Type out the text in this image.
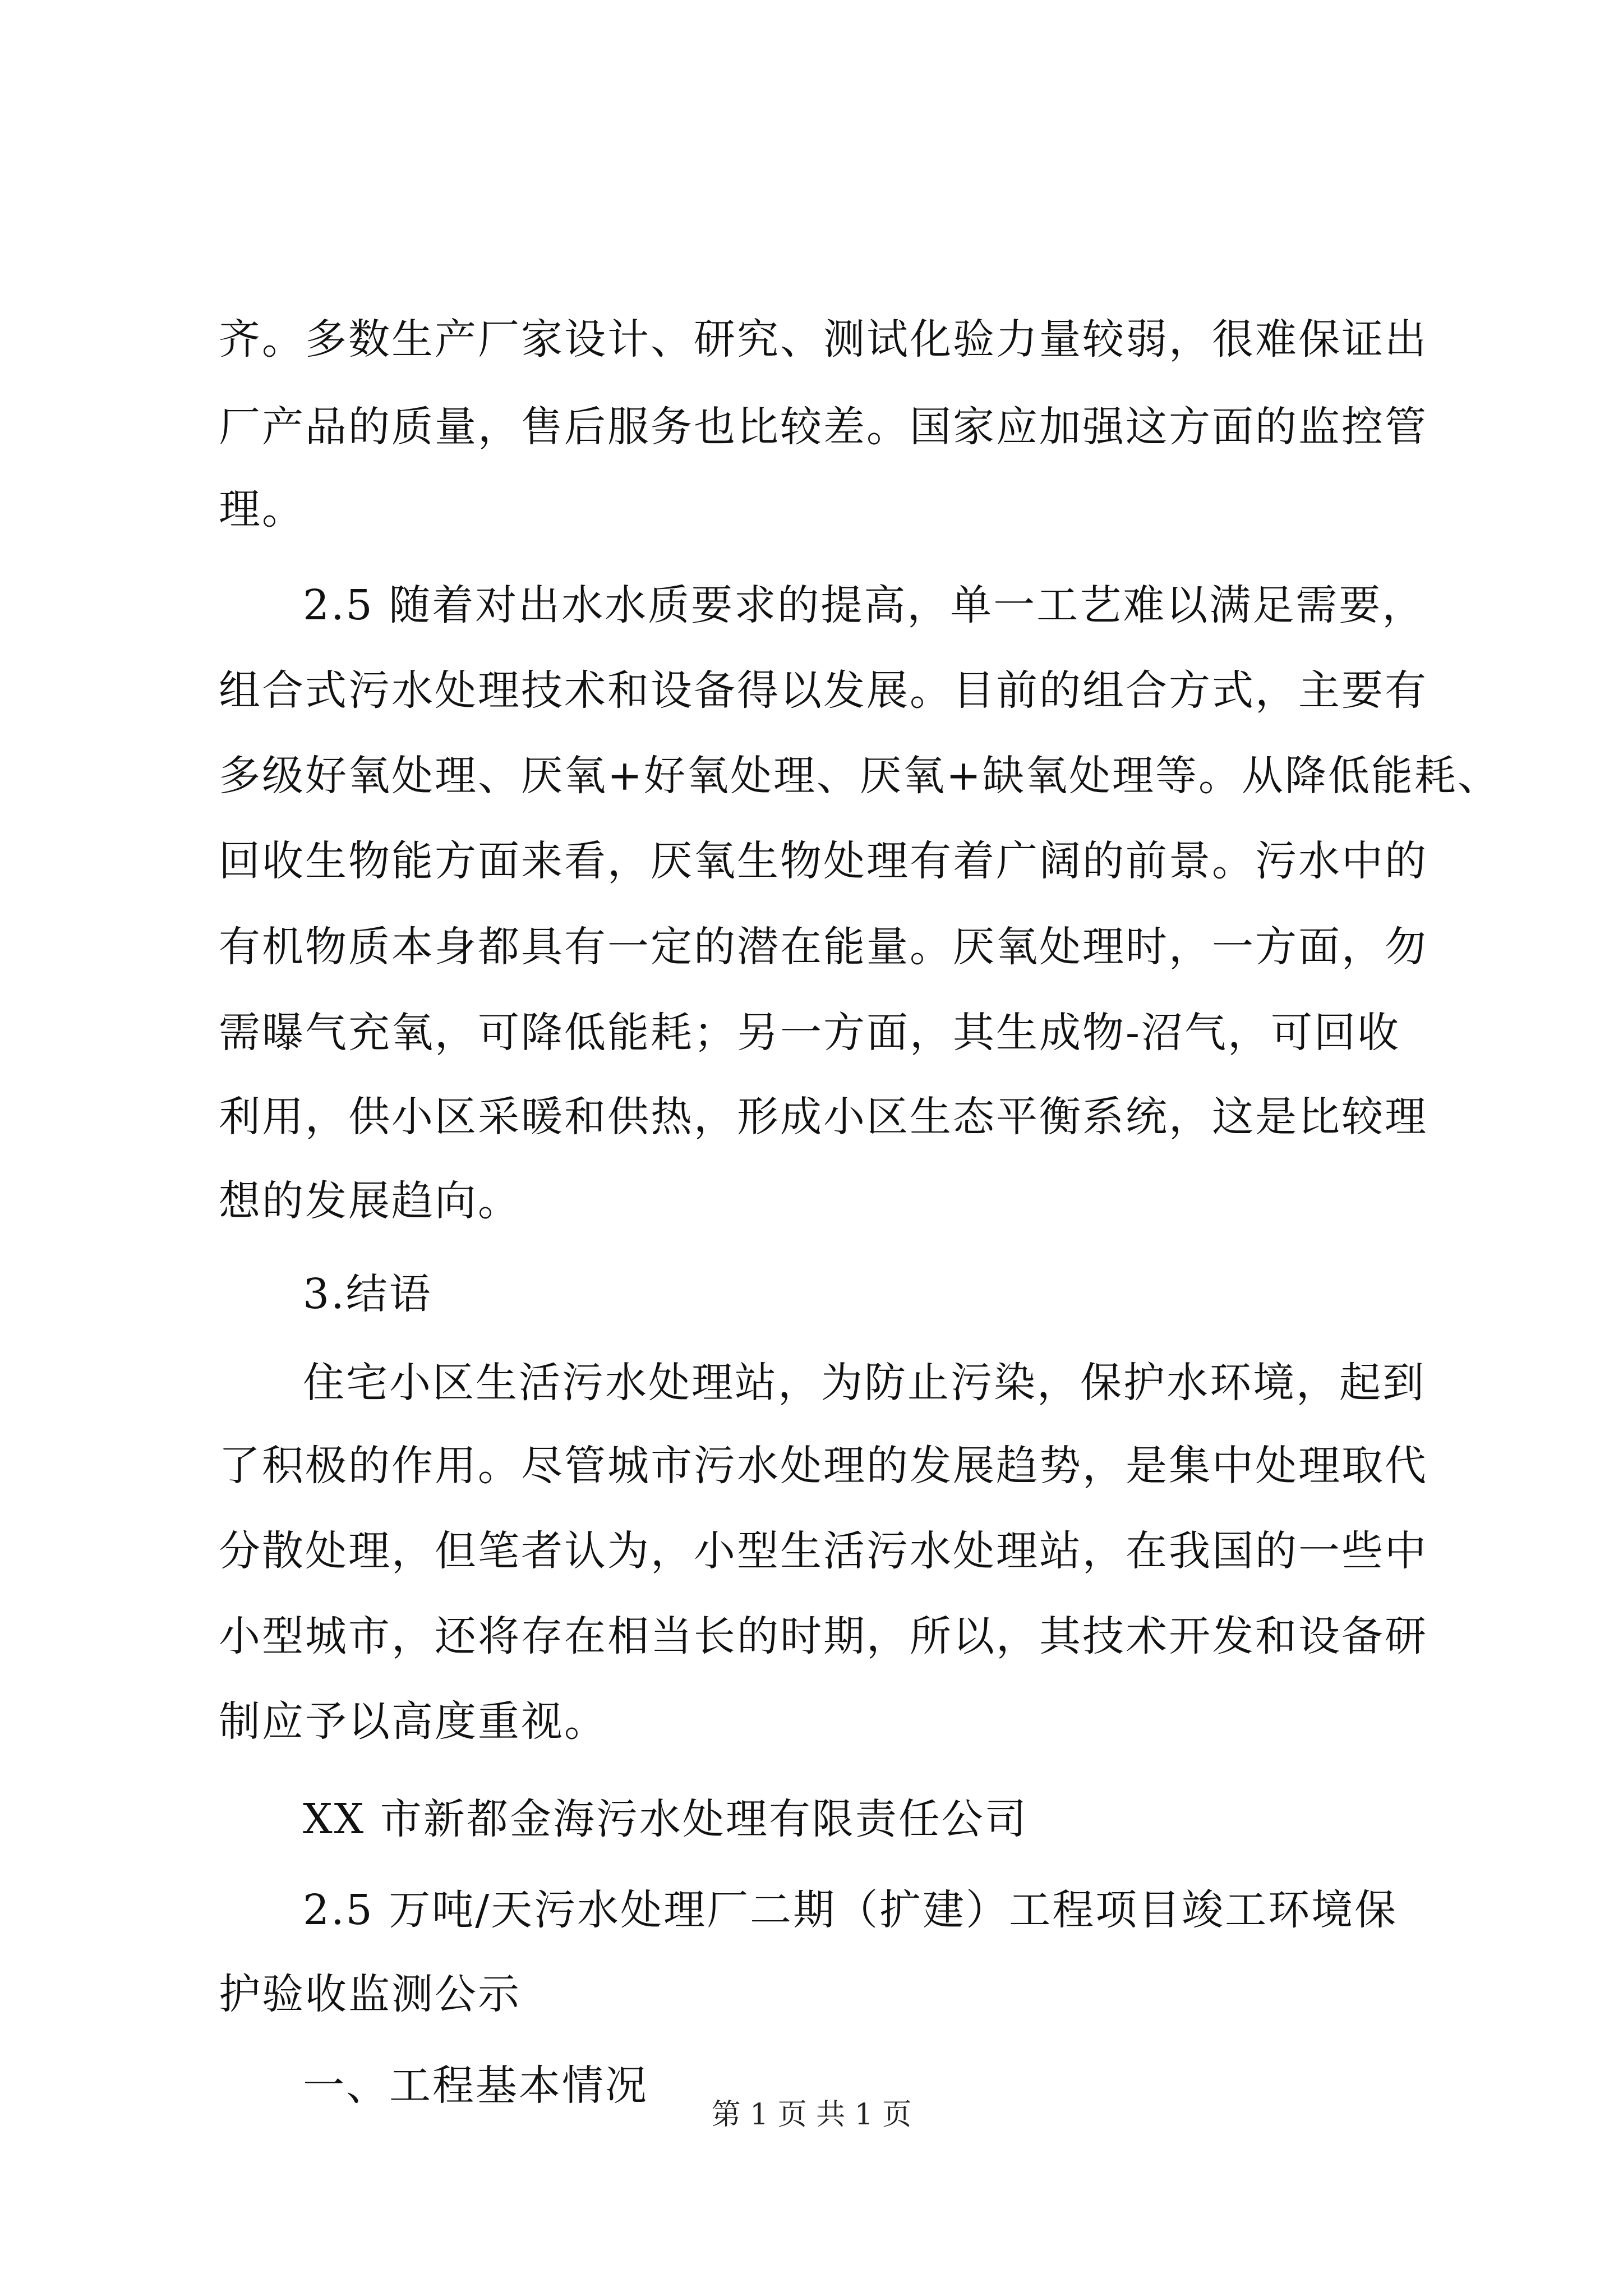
齐。多数生产厂家设计、研究、测试化验力量较弱，很难保证出
厂产品的质量，售后服务也比较差。国家应加强这方面的监控管
理。
2.5 随着对出水水质要求的提高，单一工艺难以满足需要，
组合式污水处理技术和设备得以发展。目前的组合方式，主要有
多级好氧处理、厌氧+好氧处理、厌氧+缺氧处理等。从降低能耗、
回收生物能方面来看，厌氧生物处理有着广阔的前景。污水中的
有机物质本身都具有一定的潜在能量。厌氧处理时，一方面，勿
需曝气充氧，可降低能耗；另一方面，其生成物-沼气，可回收
利用，供小区采暖和供热，形成小区生态平衡系统，这是比较理
想的发展趋向。
3.结语
住宅小区生活污水处理站，为防止污染，保护水环境，起到
了积极的作用。尽管城市污水处理的发展趋势，是集中处理取代
分散处理，但笔者认为，小型生活污水处理站，在我国的一些中
小型城市，还将存在相当长的时期，所以，其技术开发和设备研
制应予以高度重视。
XX 市新都金海污水处理有限责任公司
2.5 万吨/天污水处理厂二期（扩建）工程项目竣工环境保
护验收监测公示
一、工程基本情况
第 1 页 共 1 页
